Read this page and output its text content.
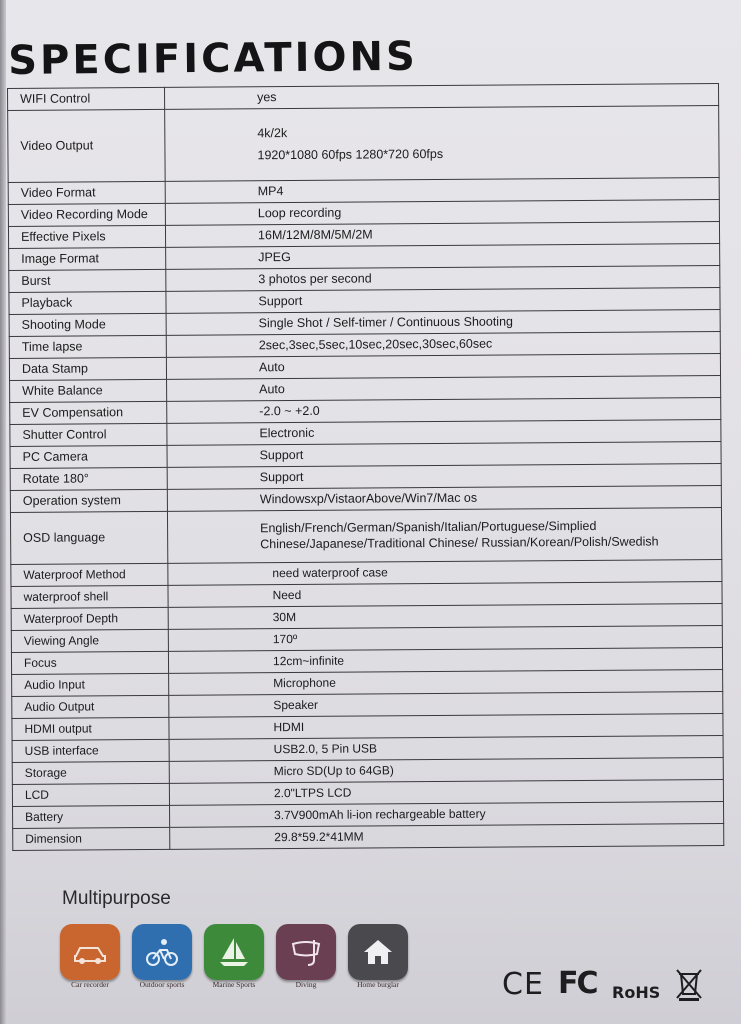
SPECIFICATIONS
WIFI Control	yes
Video Output	4k/2k
1920*1080 60fps 1280*720 60fps

Video Format	MP4
Video Recording Mode	Loop recording
Effective Pixels	16M/12M/8M/5M/2M
Image Format	JPEG
Burst	3 photos per second
Playback	Support
Shooting Mode	Single Shot / Self-timer / Continuous Shooting
Time lapse	2sec,3sec,5sec,10sec,20sec,30sec,60sec
Data Stamp	Auto
White Balance	Auto
EV Compensation	-2.0 ~ +2.0
Shutter Control	Electronic
PC Camera	Support
Rotate 180°	Support
Operation system	Windowsxp/VistaorAbove/Win7/Mac os
OSD language	English/French/German/Spanish/Italian/Portuguese/Simplied
Chinese/Japanese/Traditional Chinese/ Russian/Korean/Polish/Swedish

Waterproof Method	need waterproof case
waterproof shell	Need
Waterproof Depth	30M
Viewing Angle	170º
Focus	12cm~infinite
Audio Input	Microphone
Audio Output	Speaker
HDMI output	HDMI
USB interface	USB2.0, 5 Pin USB
Storage	Micro SD(Up to 64GB)
LCD	2.0"LTPS LCD
Battery	3.7V900mAh li-ion rechargeable battery
Dimension	29.8*59.2*41MM
Multipurpose
Car recorder	Outdoor sports	Marine Sports	Diving	Home burglar	CE FC RoHS
